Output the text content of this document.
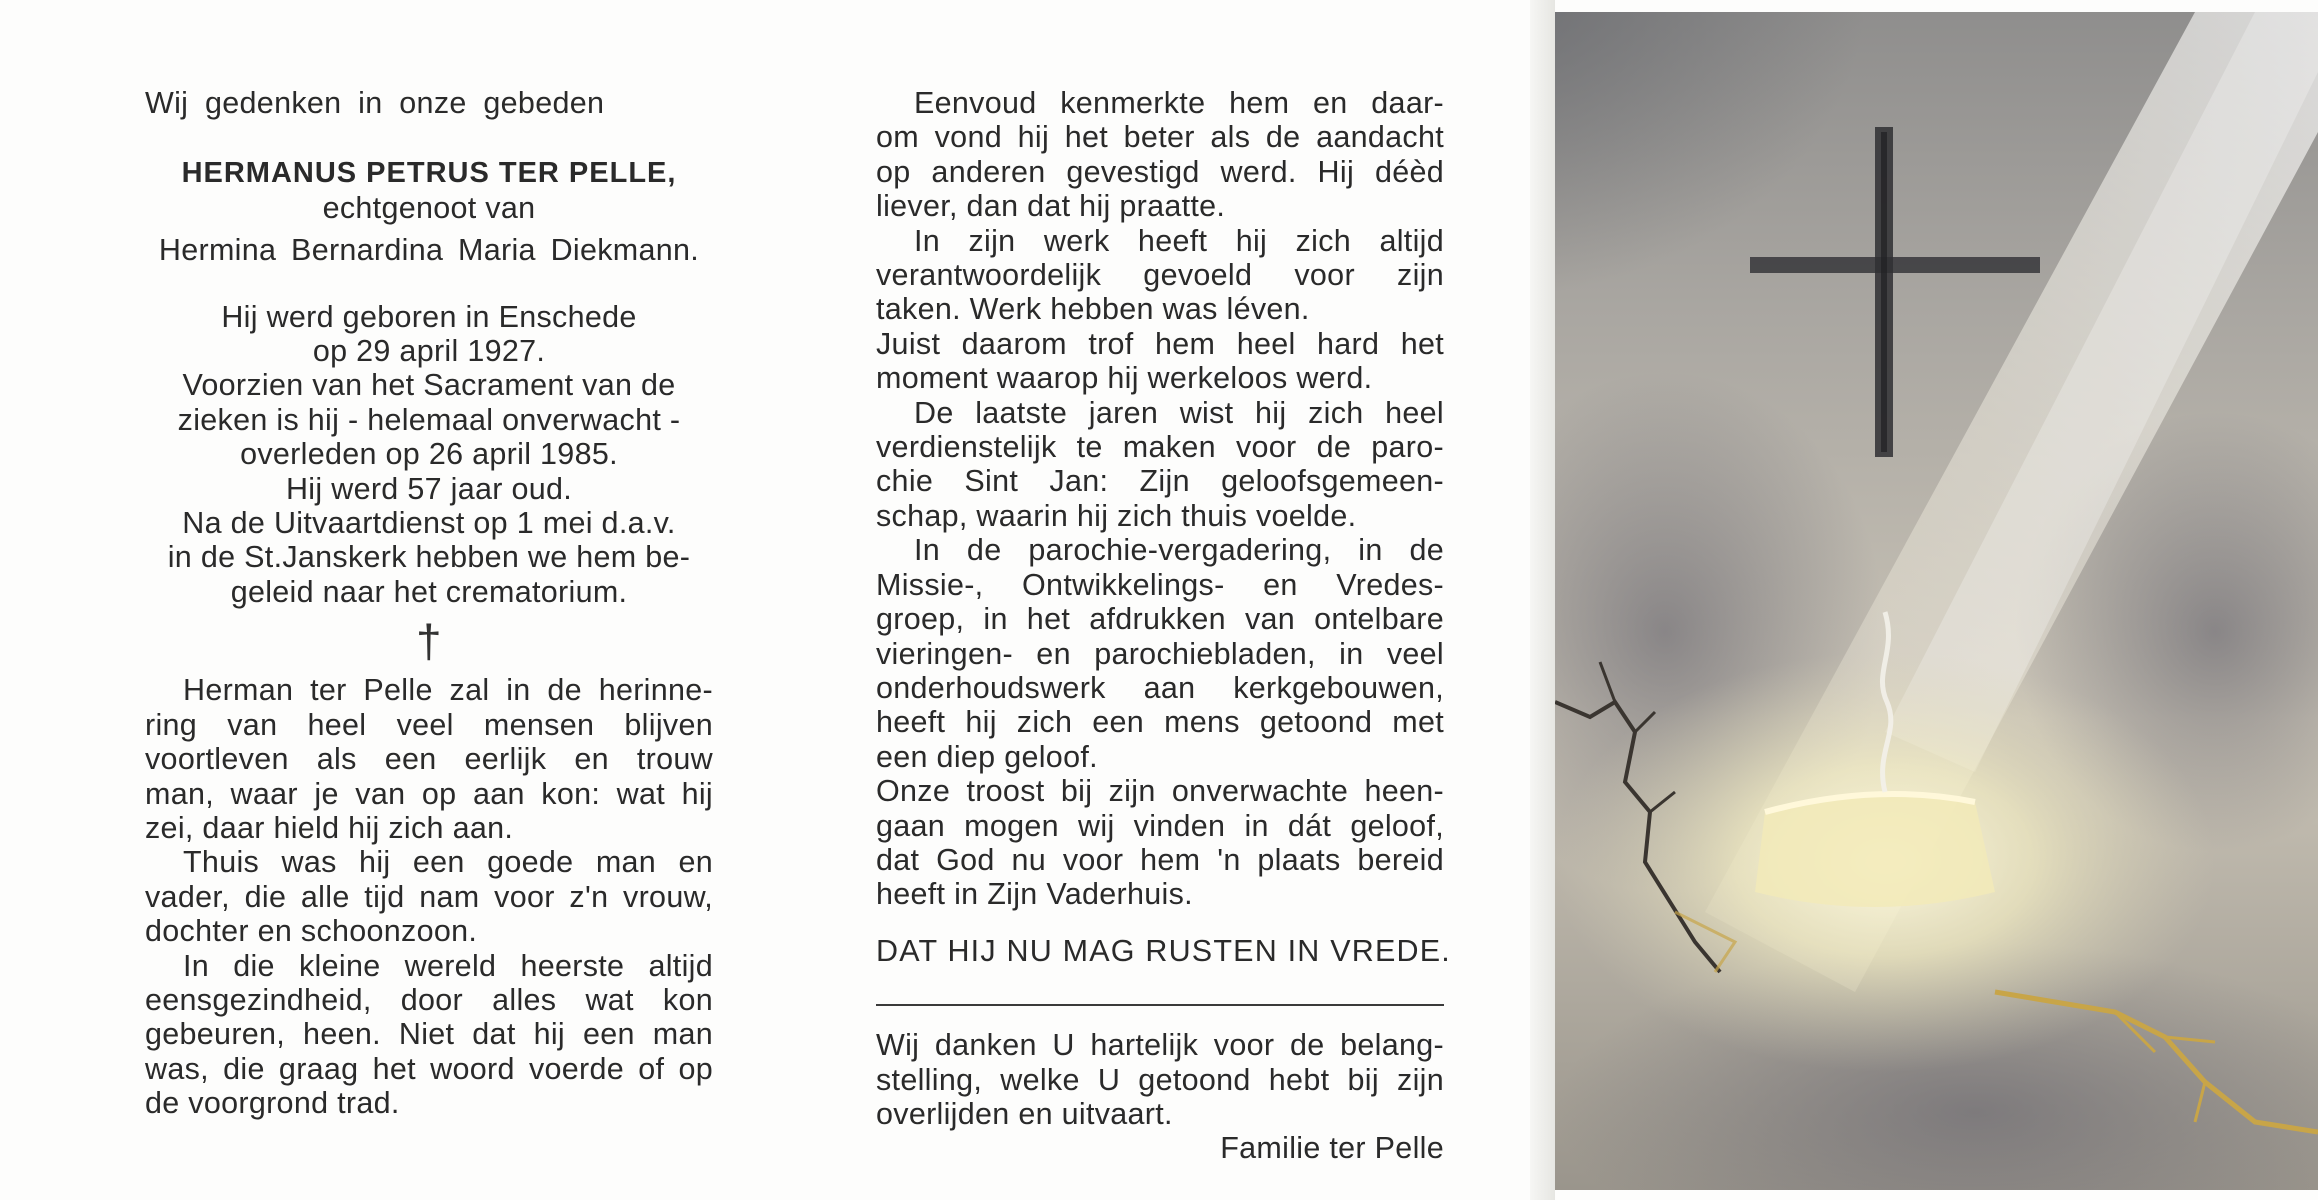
Wij gedenken in onze gebeden
HERMANUS PETRUS TER PELLE,
echtgenoot van
Hermina Bernardina Maria Diekmann.
Hij werd geboren in Enschede
op 29 april 1927.
Voorzien van het Sacrament van de
zieken is hij - helemaal onverwacht -
overleden op 26 april 1985.
Hij werd 57 jaar oud.
Na de Uitvaartdienst op 1 mei d.a.v.
in de St.Janskerk hebben we hem be-
geleid naar het crematorium.
†
Herman ter Pelle zal in de herinne-
ring van heel veel mensen blijven
voortleven als een eerlijk en trouw
man, waar je van op aan kon: wat hij
zei, daar hield hij zich aan.
Thuis was hij een goede man en
vader, die alle tijd nam voor z'n vrouw,
dochter en schoonzoon.
In die kleine wereld heerste altijd
eensgezindheid, door alles wat kon
gebeuren, heen. Niet dat hij een man
was, die graag het woord voerde of op
de voorgrond trad.
Eenvoud kenmerkte hem en daar-
om vond hij het beter als de aandacht
op anderen gevestigd werd. Hij déèd
liever, dan dat hij praatte.
In zijn werk heeft hij zich altijd
verantwoordelijk gevoeld voor zijn
taken. Werk hebben was léven.
Juist daarom trof hem heel hard het
moment waarop hij werkeloos werd.
De laatste jaren wist hij zich heel
verdienstelijk te maken voor de paro-
chie Sint Jan: Zijn geloofsgemeen-
schap, waarin hij zich thuis voelde.
In de parochie-vergadering, in de
Missie-, Ontwikkelings- en Vredes-
groep, in het afdrukken van ontelbare
vieringen- en parochiebladen, in veel
onderhoudswerk aan kerkgebouwen,
heeft hij zich een mens getoond met
een diep geloof.
Onze troost bij zijn onverwachte heen-
gaan mogen wij vinden in dát geloof,
dat God nu voor hem 'n plaats bereid
heeft in Zijn Vaderhuis.
DAT HIJ NU MAG RUSTEN IN VREDE.
Wij danken U hartelijk voor de belang-
stelling, welke U getoond hebt bij zijn
overlijden en uitvaart.
Familie ter Pelle
